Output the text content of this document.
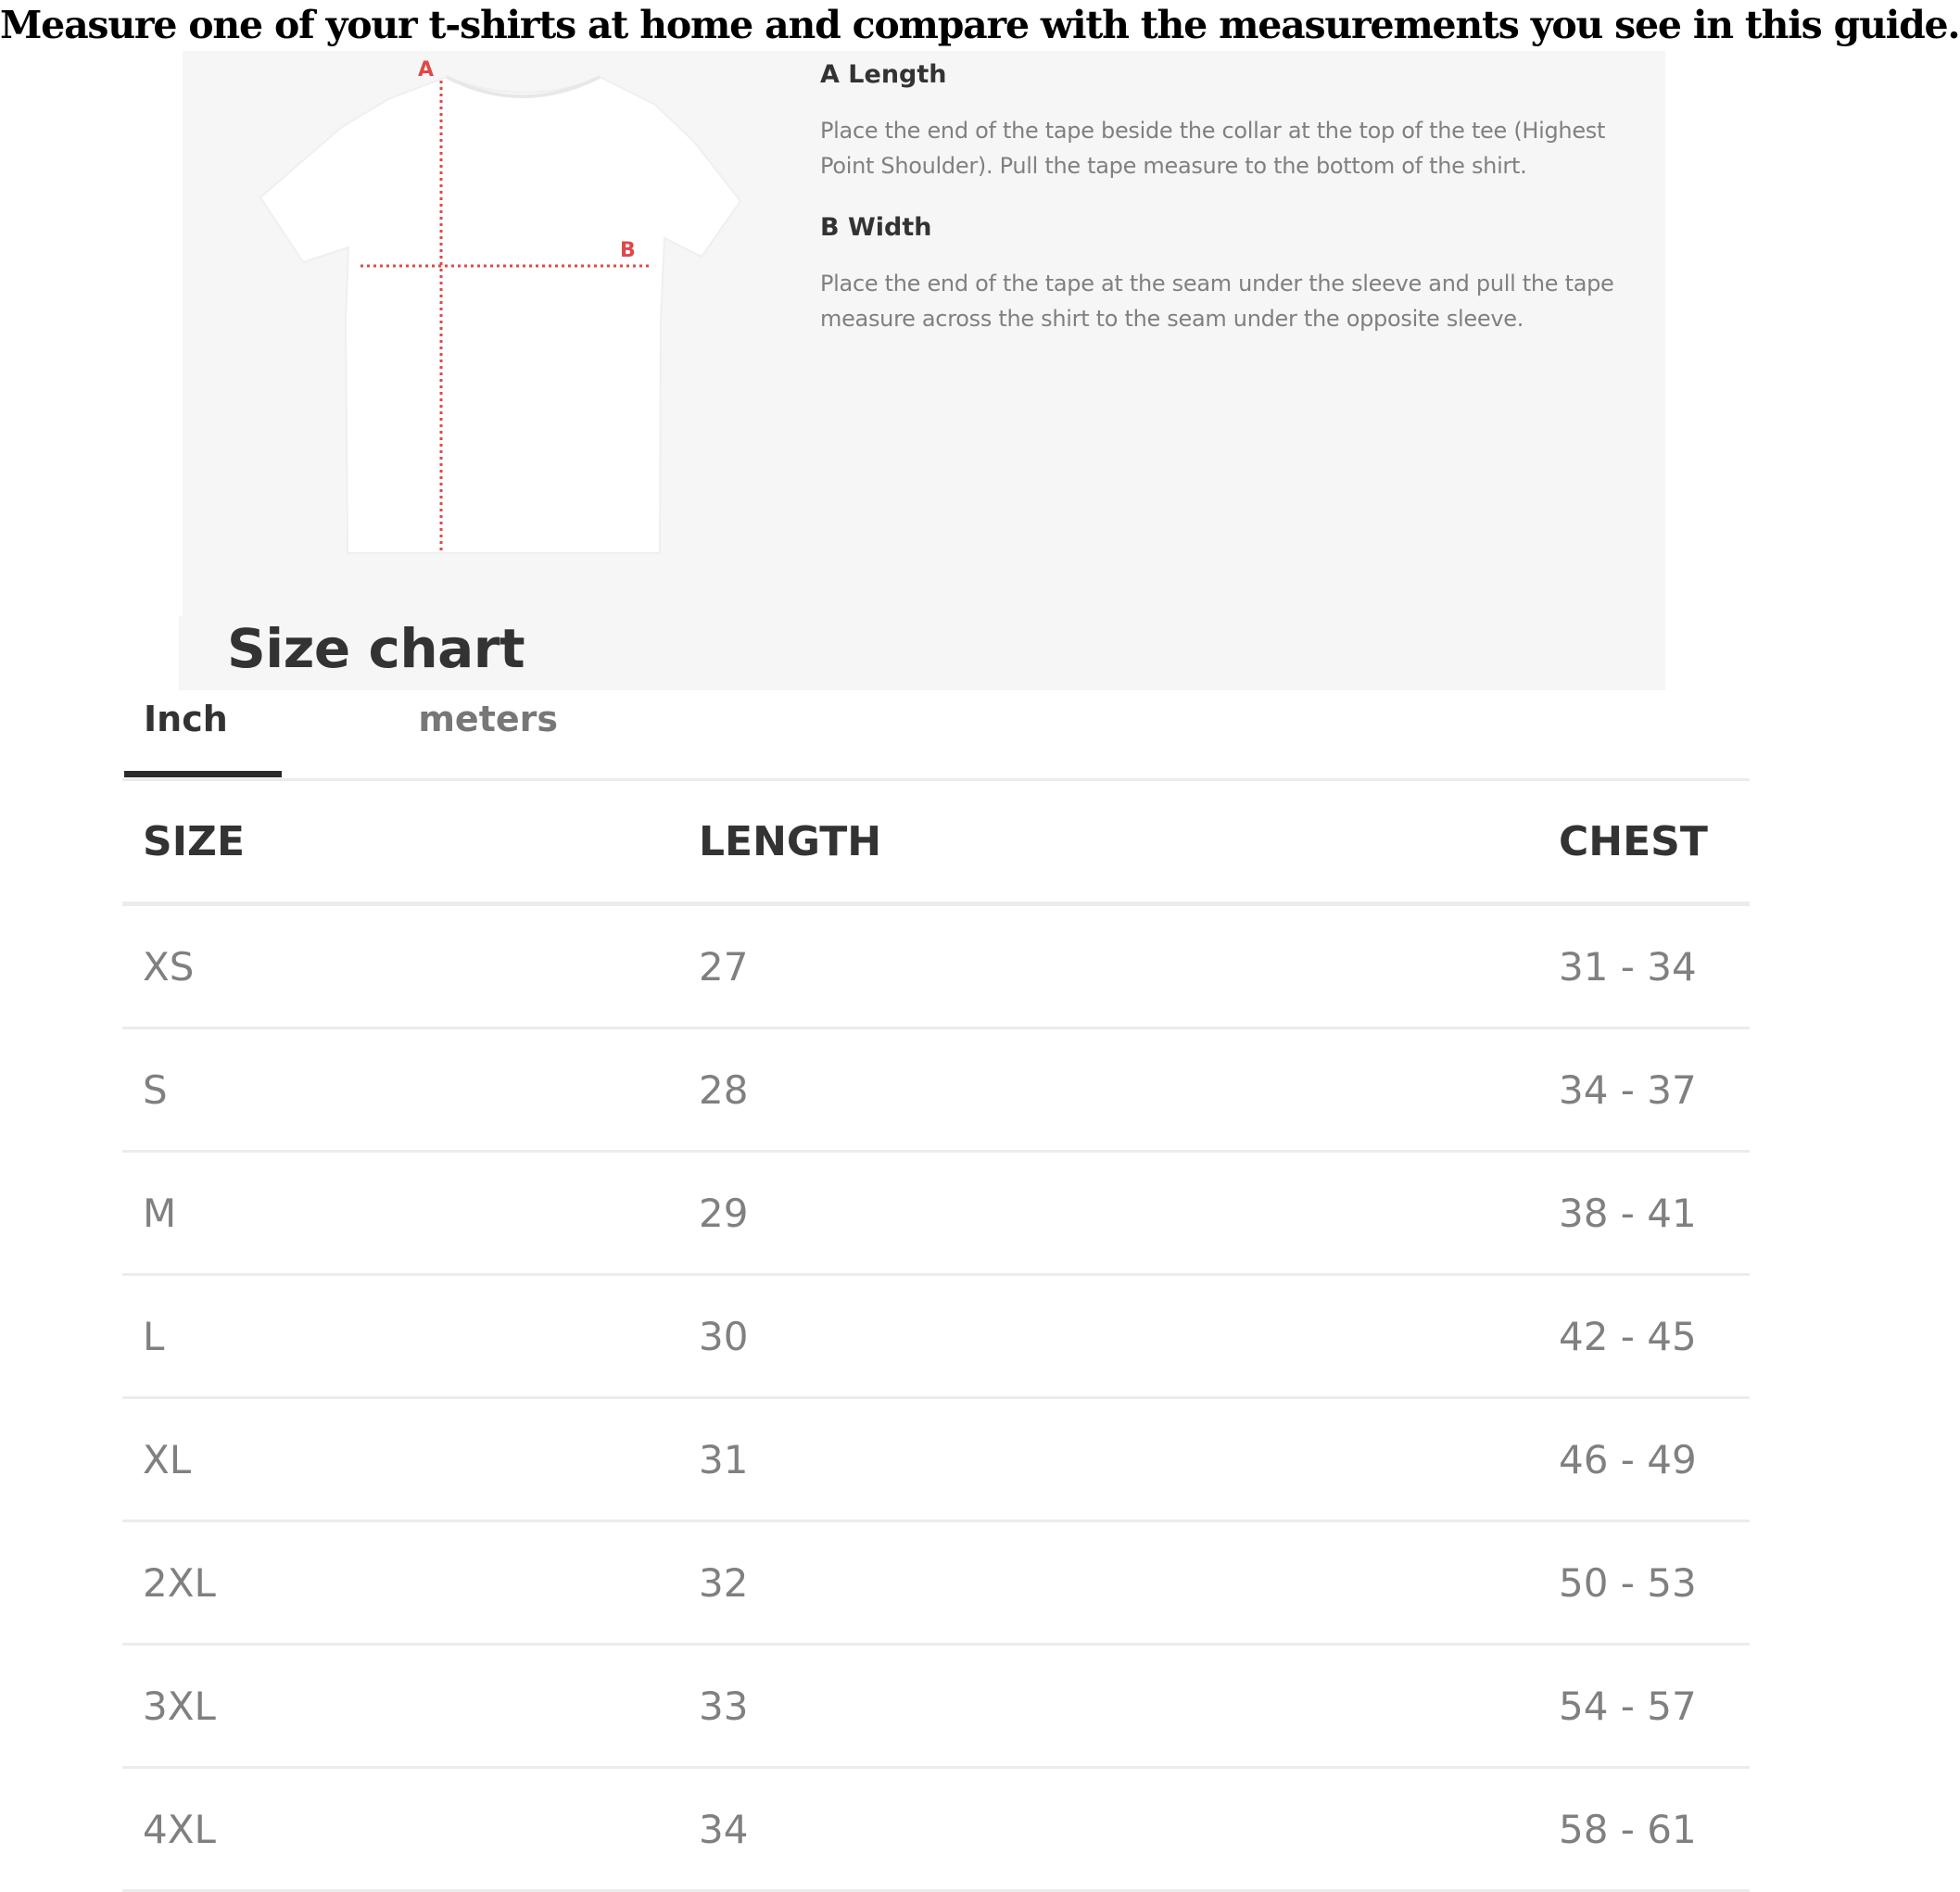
Measure one of your t-shirts at home and compare with the measurements you see in this guide.
A
B
A Length

Place the end of the tape beside the collar at the top of the tee (Highest
Point Shoulder). Pull the tape measure to the bottom of the shirt.

B Width

Place the end of the tape at the seam under the sleeve and pull the tape
measure across the shirt to the seam under the opposite sleeve.

Size chart
Inch	meters
SIZE	LENGTH	CHEST
XS	27	31 - 34
S	28	34 - 37
M	29	38 - 41
L	30	42 - 45
XL	31	46 - 49
2XL	32	50 - 53
3XL	33	54 - 57
4XL	34	58 - 61
